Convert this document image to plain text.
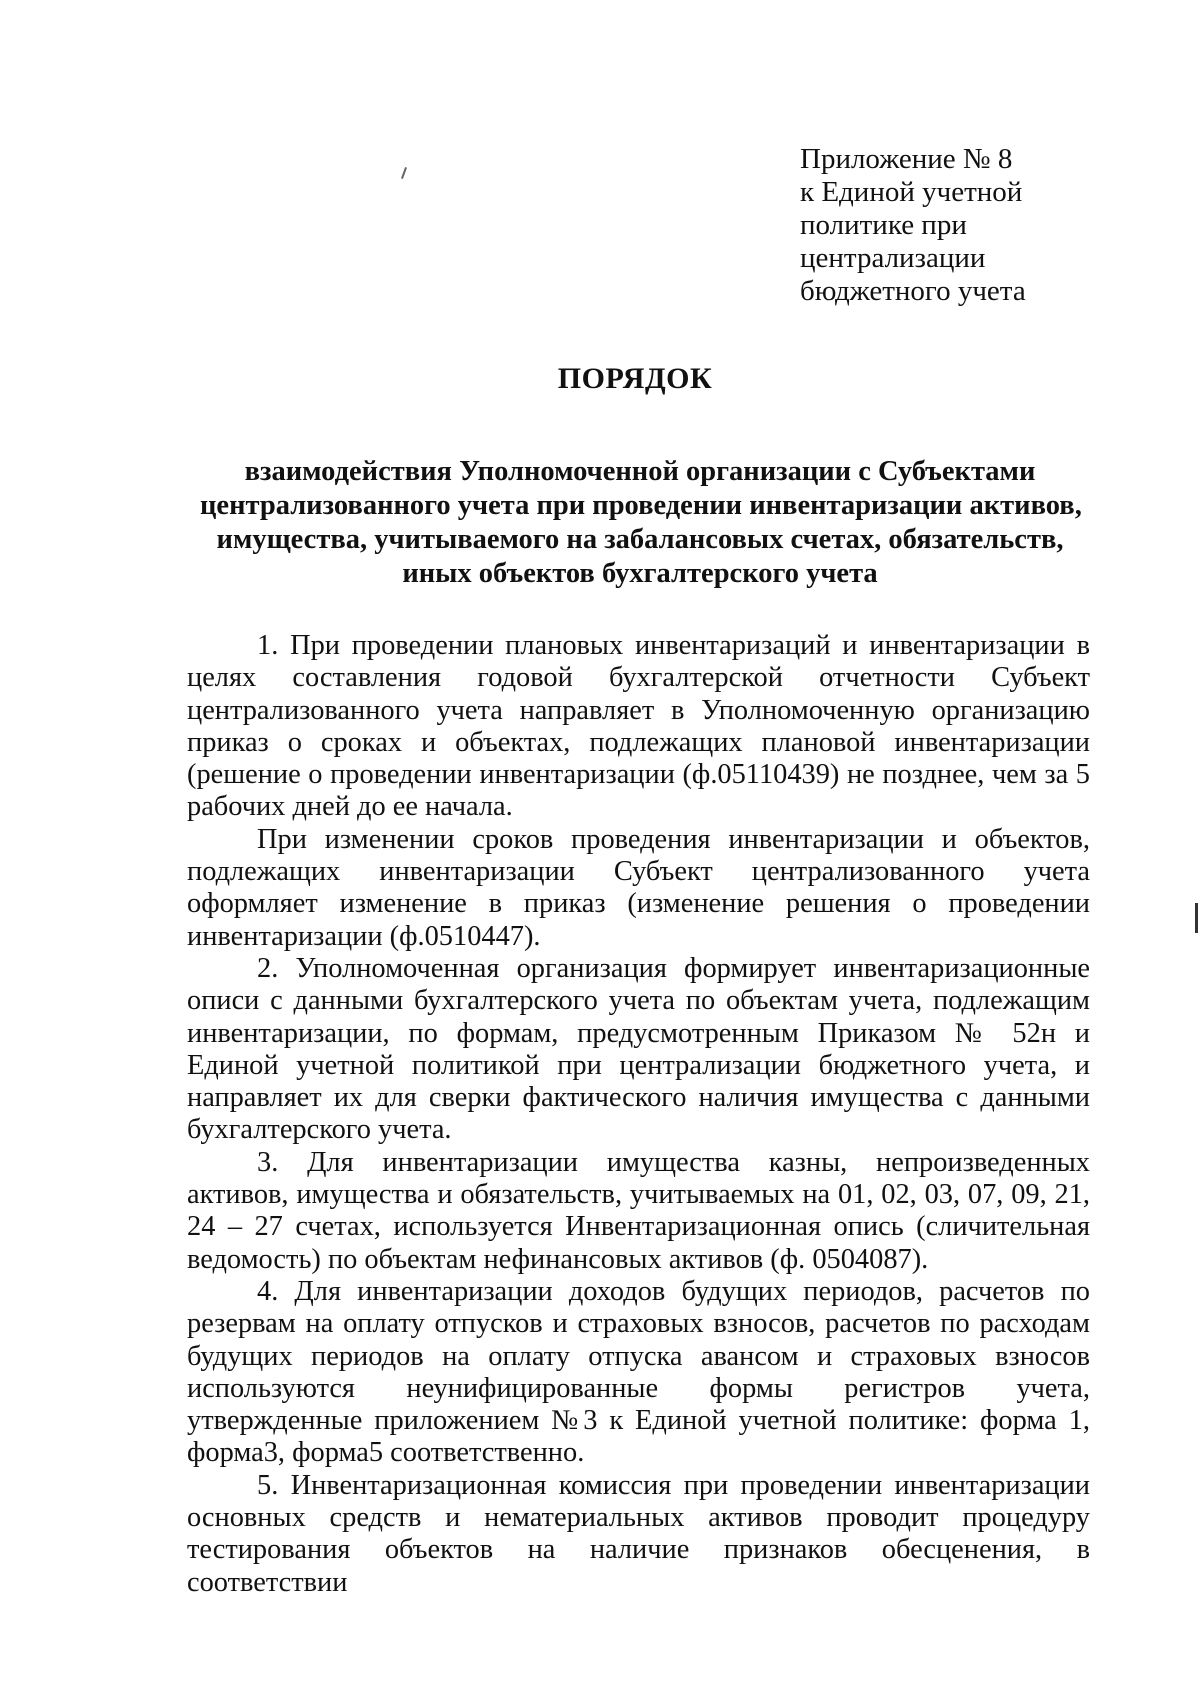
Приложение № 8
к Единой учетной
политике при
централизации
бюджетного учета
ПОРЯДОК
взаимодействия Уполномоченной организации с Субъектами
централизованного учета при проведении инвентаризации активов,
имущества, учитываемого на забалансовых счетах, обязательств,
иных объектов бухгалтерского учета

1. При проведении плановых инвентаризаций и инвентаризации в целях составления годовой бухгалтерской отчетности Субъект централизованного учета направляет в Уполномоченную организацию приказ о сроках и объектах, подлежащих плановой инвентаризации (решение о проведении инвентаризации (ф.05110439) не позднее, чем за 5 рабочих дней до ее начала.

При изменении сроков проведения инвентаризации и объектов, подлежащих инвентаризации Субъект централизованного учета оформляет изменение в приказ (изменение решения о проведении инвентаризации (ф.0510447).

2. Уполномоченная организация формирует инвентаризационные описи с данными бухгалтерского учета по объектам учета, подлежащим инвентаризации, по формам, предусмотренным Приказом № 52н и Единой учетной политикой при централизации бюджетного учета, и направляет их для сверки фактического наличия имущества с данными бухгалтерского учета.

3. Для инвентаризации имущества казны, непроизведенных активов, имущества и обязательств, учитываемых на 01, 02, 03, 07, 09, 21, 24 – 27 счетах, используется Инвентаризационная опись (сличительная ведомость) по объектам нефинансовых активов (ф. 0504087).

4. Для инвентаризации доходов будущих периодов, расчетов по резервам на оплату отпусков и страховых взносов, расчетов по расходам будущих периодов на оплату отпуска авансом и страховых взносов используются неунифицированные формы регистров учета, утвержденные приложением №3 к Единой учетной политике: форма 1, форма3, форма5 соответственно.

5. Инвентаризационная комиссия при проведении инвентаризации основных средств и нематериальных активов проводит процедуру тестирования объектов на наличие признаков обесценения, в соответствии
